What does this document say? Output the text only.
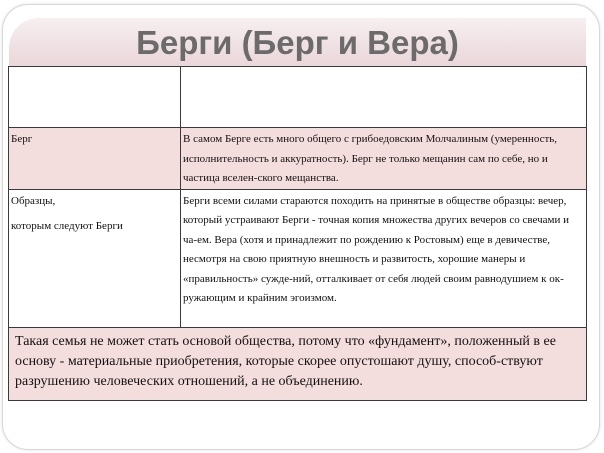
Берги (Берг и Вера)

Берг	В самом Берге есть много общего с грибоедовским Молчалиным (умеренность, исполнительность и аккуратность). Берг не только мещанин сам по себе, но и частица вселен-ского мещанства.

Образцы,
которым следуют Берги	Берги всеми силами стараются походить на принятые в обществе образцы: вечер, который устраивают Берги - точная копия множества других вечеров со свечами и ча-ем. Вера (хотя и принадлежит по рождению к Ростовым) еще в девичестве, несмотря на свою приятную внешность и развитость, хорошие манеры и «правильность» сужде-ний, отталкивает от себя людей своим равнодушием к ок-ружающим и крайним эгоизмом.

Такая семья не может стать основой общества, потому что «фундамент», положенный в ее основу - материальные приобретения, которые скорее опустошают душу, способ-ствуют разрушению человеческих отношений, а не объединению.	
